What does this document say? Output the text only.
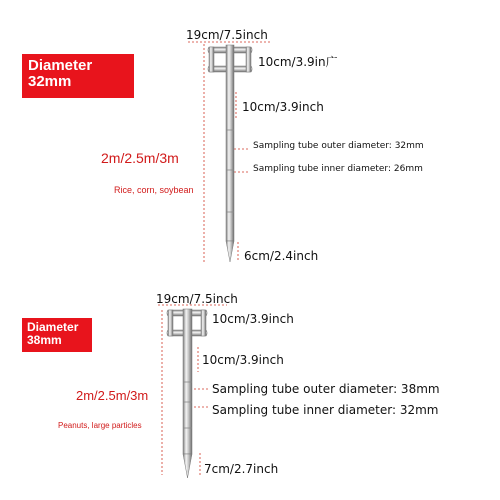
Diameter
32mm
Diameter
38mm
19cm/7.5inch
10cm/3.9in广
10cm/3.9inch
Sampling tube outer diameter: 32mm
Sampling tube inner diameter: 26mm
2m/2.5m/3m
Rice, corn, soybean
6cm/2.4inch
19cm/7.5inch
10cm/3.9inch
10cm/3.9inch
Sampling tube outer diameter: 38mm
Sampling tube inner diameter: 32mm
2m/2.5m/3m
Peanuts, large particles
7cm/2.7inch
